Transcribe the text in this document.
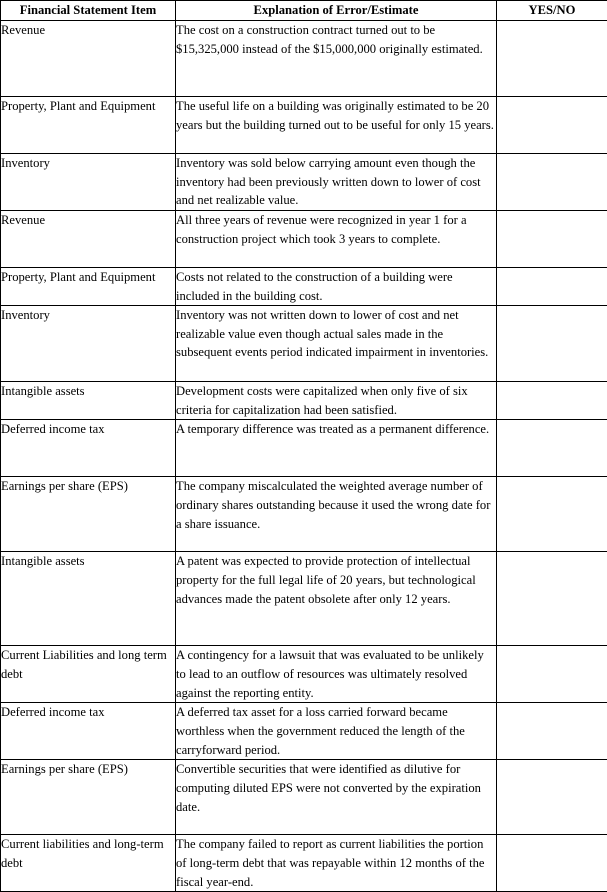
Financial Statement Item	Explanation of Error/Estimate	YES/NO
Revenue	The cost on a construction contract turned out to be $15,325,000 instead of the $15,000,000 originally estimated.	
Property, Plant and Equipment	The useful life on a building was originally estimated to be 20 years but the building turned out to be useful for only 15 years.	
Inventory	Inventory was sold below carrying amount even though the inventory had been previously written down to lower of cost and net realizable value.	
Revenue	All three years of revenue were recognized in year 1 for a construction project which took 3 years to complete.	
Property, Plant and Equipment	Costs not related to the construction of a building were included in the building cost.	
Inventory	Inventory was not written down to lower of cost and net realizable value even though actual sales made in the subsequent events period indicated impairment in inventories.	
Intangible assets	Development costs were capitalized when only five of six criteria for capitalization had been satisfied.	
Deferred income tax	A temporary difference was treated as a permanent difference.	
Earnings per share (EPS)	The company miscalculated the weighted average number of ordinary shares outstanding because it used the wrong date for a share issuance.	
Intangible assets	A patent was expected to provide protection of intellectual property for the full legal life of 20 years, but technological advances made the patent obsolete after only 12 years.	
Current Liabilities and long term debt	A contingency for a lawsuit that was evaluated to be unlikely to lead to an outflow of resources was ultimately resolved against the reporting entity.	
Deferred income tax	A deferred tax asset for a loss carried forward became worthless when the government reduced the length of the carryforward period.	
Earnings per share (EPS)	Convertible securities that were identified as dilutive for computing diluted EPS were not converted by the expiration date.	
Current liabilities and long-term debt	The company failed to report as current liabilities the portion of long-term debt that was repayable within 12 months of the fiscal year-end.	
